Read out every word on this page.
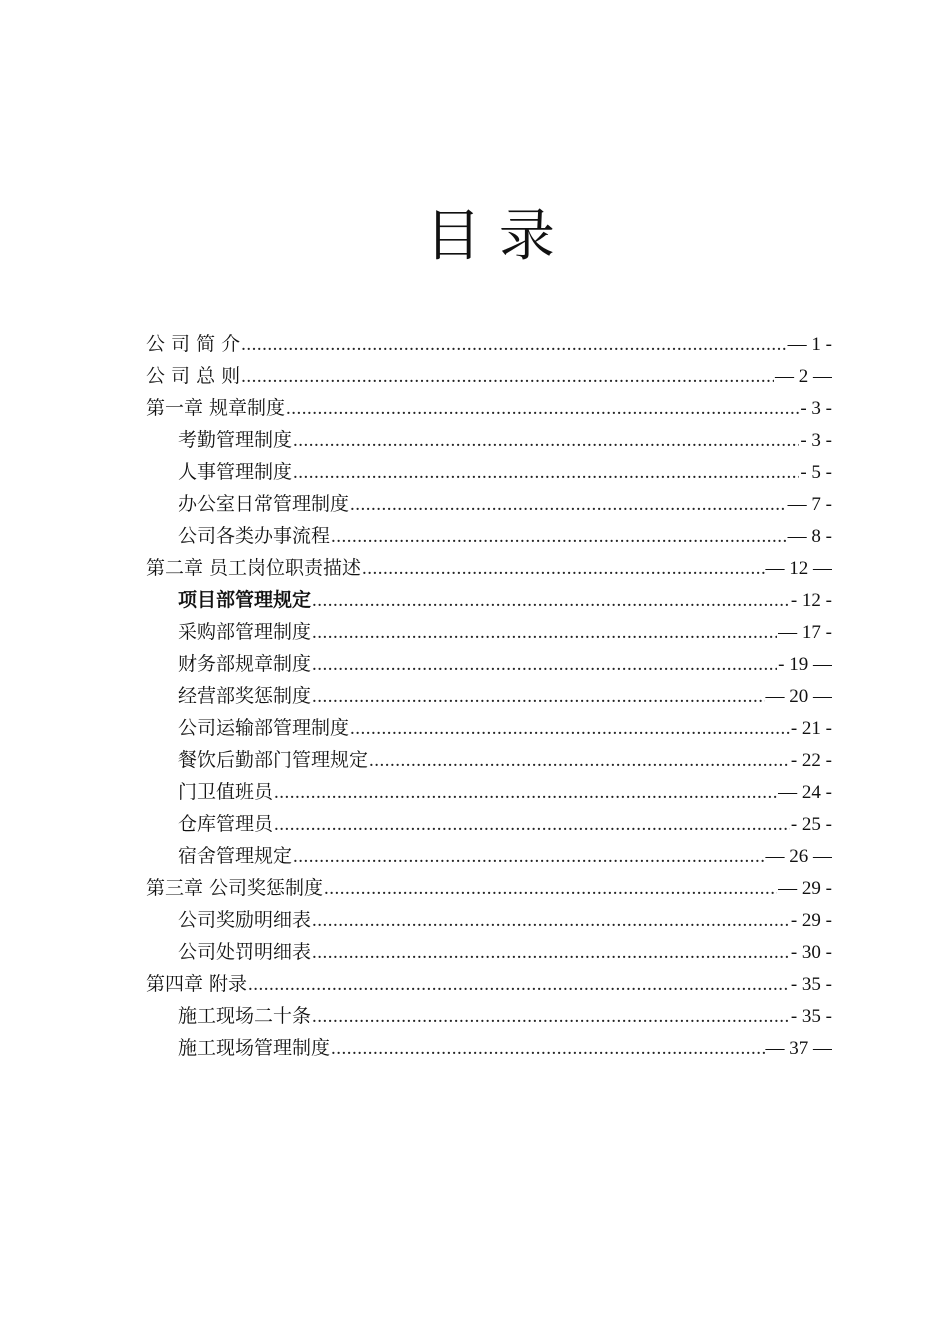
目 录
公 司 简 介 .....	— 1 -
公 司 总 则 .....	— 2 —
第一章 规章制度 .....	- 3 -
考勤管理制度 .....	- 3 -
人事管理制度 .....	- 5 -
办公室日常管理制度 .....	— 7 -
公司各类办事流程 .....	— 8 -
第二章 员工岗位职责描述 .....	— 12 —
项目部管理规定 .....	- 12 -
采购部管理制度 .....	— 17 -
财务部规章制度 .....	- 19 —
经营部奖惩制度 .....	— 20 —
公司运输部管理制度 .....	- 21 -
餐饮后勤部门管理规定 .....	- 22 -
门卫值班员 .....	— 24 -
仓库管理员 .....	- 25 -
宿舍管理规定 .....	— 26 —
第三章 公司奖惩制度 .....	— 29 -
公司奖励明细表 .....	- 29 -
公司处罚明细表 .....	- 30 -
第四章 附录 .....	- 35 -
施工现场二十条 .....	- 35 -
施工现场管理制度 .....	— 37 —
